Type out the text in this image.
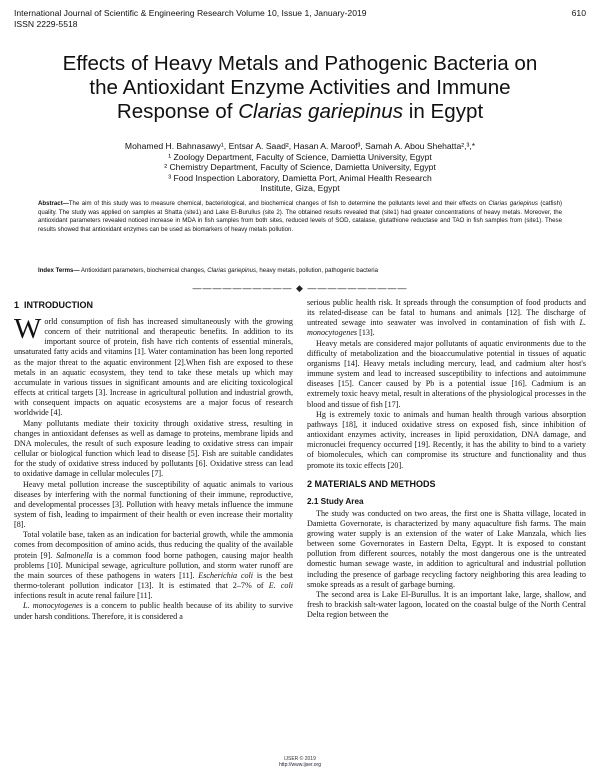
International Journal of Scientific & Engineering Research Volume 10, Issue 1, January-2019	610
ISSN 2229-5518
Effects of Heavy Metals and Pathogenic Bacteria on
the Antioxidant Enzyme Activities and Immune
Response of Clarias gariepinus in Egypt
Mohamed H. Bahnasawy¹, Entsar A. Saad², Hasan A. Maroof³, Samah A. Abou Shehatta²,³,*
¹ Zoology Department, Faculty of Science, Damietta University, Egypt
² Chemistry Department, Faculty of Science, Damietta University, Egypt
³ Food Inspection Laboratory, Damietta Port, Animal Health Research
Institute, Giza, Egypt
Abstract—The aim of this study was to measure chemical, bacteriological, and biochemical changes of fish to determine the pollutants level and their effects on Clarias gariepinus (catfish) quality. The study was applied on samples at Shatta (site1) and Lake El-Burullus (site 2). The obtained results revealed that (site1) had greater concentrations of heavy metals. Moreover, the antioxidant parameters revealed noticed increase in MDA in fish samples from both sites, reduced levels of SOD, catalase, glutathione reductase and TAO in fish samples from (site1). These results showed that antioxidant enzymes can be used as biomarkers of heavy metals pollution.
Index Terms— Antioxidant parameters, biochemical changes, Clarias gariepinus, heavy metals, pollution, pathogenic bacteria
—————————— ◆ ——————————
1 INTRODUCTION

World consumption of fish has increased simultaneously with the growing concern of their nutritional and therapeutic benefits. In addition to its important source of protein, fish have rich contents of essential minerals, unsaturated fatty acids and vitamins [1]. Water contamination has been long reported as the major threat to the aquatic environment [2].When fish are exposed to these metals in an aquatic ecosystem, they tend to take these metals up which may accumulate in various tissues in significant amounts and are eliciting toxicological effects at critical targets [3]. Increase in agricultural pollution and industrial growth, with consequent impacts on aquatic ecosystems are a major focus of research worldwide [4].

Many pollutants mediate their toxicity through oxidative stress, resulting in changes in antioxidant defenses as well as damage to proteins, membrane lipids and DNA molecules, the result of such exposure leading to oxidative stress can impair cellular or biological function which lead to disease [5]. Fish are suitable candidates for the study of oxidative stress induced by pollutants [6]. Oxidative stress can lead to oxidative damage in cellular molecules [7].

Heavy metal pollution increase the susceptibility of aquatic animals to various diseases by interfering with the normal functioning of their immune, reproductive, and developmental processes [3]. Pollution with heavy metals influence the immune system of fish, leading to impairment of their health or even increase their mortality [8].

Total volatile base, taken as an indication for bacterial growth, while the ammonia comes from decomposition of amino acids, thus reducing the quality of the available protein [9]. Salmonella is a common food borne pathogen, causing major health problems [10]. Municipal sewage, agriculture pollution, and storm water runoff are the main sources of these pathogens in waters [11]. Escherichia coli is the best thermo-tolerant pollution indicator [13]. It is estimated that 2–7% of E. coli infections result in acute renal failure [11].

L. monocytogenes is a concern to public health because of its ability to survive under harsh conditions. Therefore, it is considered a

serious public health risk. It spreads through the consumption of food products and its related-disease can be fatal to humans and animals [12]. The discharge of untreated sewage into seawater was involved in contamination of fish with L. monocytogenes [13].

Heavy metals are considered major pollutants of aquatic environments due to the difficulty of metabolization and the bioaccumulative potential in tissues of aquatic organisms [14]. Heavy metals including mercury, lead, and cadmium alter host's immune system and lead to increased susceptibility to infections and autoimmune diseases [15]. Cancer caused by Pb is a potential issue [16]. Cadmium is an extremely toxic heavy metal, result in alterations of the physiological processes in the blood and tissue of fish [17].

Hg is extremely toxic to animals and human health through various absorption pathways [18], it induced oxidative stress on exposed fish, since inhibition of antioxidant enzymes activity, increases in lipid peroxidation, DNA damage, and micronuclei frequency occurred [19]. Recently, it has the ability to bind to a variety of biomolecules, which can compromise its structure and functionality and thus promote its toxic effects [20].

2 MATERIALS AND METHODS
2.1 Study Area

The study was conducted on two areas, the first one is Shatta village, located in Damietta Governorate, is characterized by many aquaculture fish farms. The main growing water supply is an extension of the water of Lake Manzala, which lies between some Governorates in Eastern Delta, Egypt. It is exposed to constant pollution from different sources, notably the most dangerous one is the untreated domestic human sewage waste, in addition to agricultural and industrial pollution including the presence of garbage recycling factory neighboring this area leading to smoke spreads as a result of garbage burning.

The second area is Lake El-Burullus. It is an important lake, large, shallow, and fresh to brackish salt-water lagoon, located on the coastal bulge of the North Central Delta region between the

IJSER © 2019
http://www.ijser.org
